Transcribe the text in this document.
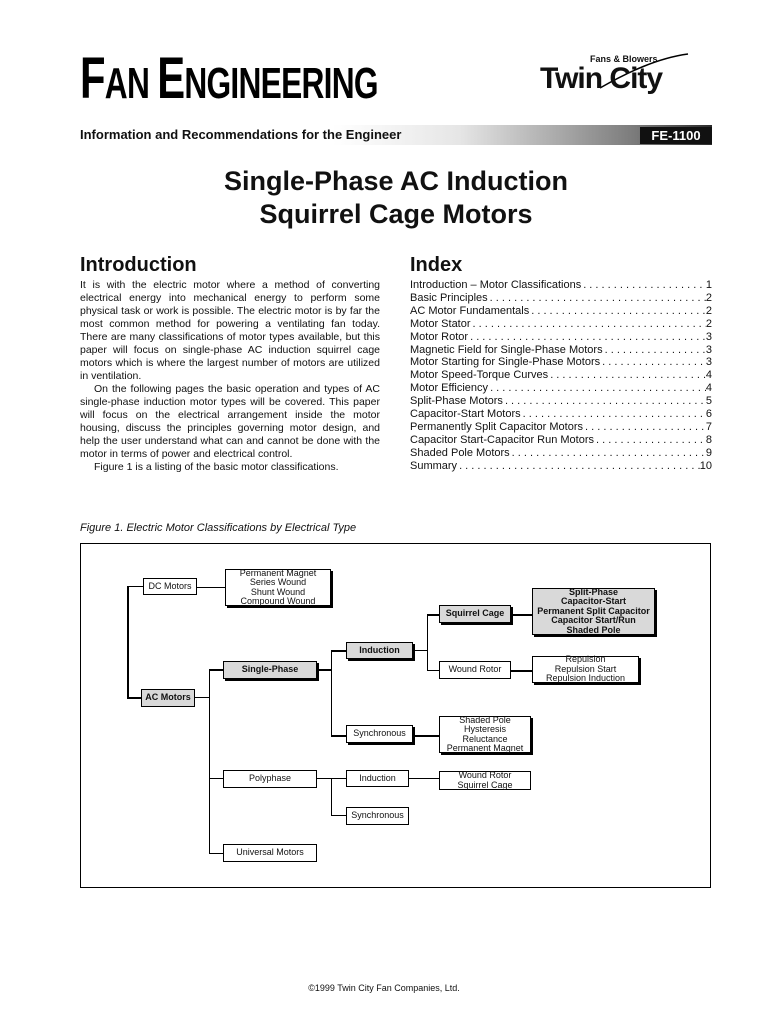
FAN ENGINEERING	Fans & Blowers
Twin City
Information and Recommendations for the Engineer	FE-1100
Single-Phase AC Induction
Squirrel Cage Motors
Introduction

It is with the electric motor where a method of converting electrical energy into mechanical energy to perform some physical task or work is possible. The electric motor is by far the most common method for powering a ventilating fan today. There are many classifications of motor types available, but this paper will focus on single-phase AC induction squirrel cage motors which is where the largest number of motors are utilized in ventilation.

On the following pages the basic operation and types of AC single-phase induction motor types will be covered. This paper will focus on the electrical arrangement inside the motor housing, discuss the principles governing motor design, and help the user understand what can and cannot be done with the motor in terms of power and electrical control.

Figure 1 is a listing of the basic motor classifications.

Index
Introduction – Motor Classifications . . .	1
Basic Principles . . .	2
AC Motor Fundamentals . . .	2
Motor Stator . . .	2
Motor Rotor . . .	3
Magnetic Field for Single-Phase Motors . . .	3
Motor Starting for Single-Phase Motors . . .	3
Motor Speed-Torque Curves . . .	4
Motor Efficiency . . .	4
Split-Phase Motors . . .	5
Capacitor-Start Motors . . .	6
Permanently Split Capacitor Motors . . .	7
Capacitor Start-Capacitor Run Motors . . .	8
Shaded Pole Motors . . .	9
Summary . . .	10
Figure 1. Electric Motor Classifications by Electrical Type
DC Motors
Permanent Magnet
Series Wound
Shunt Wound
Compound Wound
AC Motors
Single-Phase
Induction
Squirrel Cage
Split-Phase
Capacitor-Start
Permanent Split Capacitor
Capacitor Start/Run
Shaded Pole
Wound Rotor
Repulsion
Repulsion Start
Repulsion Induction
Synchronous
Shaded Pole
Hysteresis
Reluctance
Permanent Magnet
Polyphase	Induction	Wound Rotor
Squirrel Cage
Synchronous
Universal Motors
©1999 Twin City Fan Companies, Ltd.
